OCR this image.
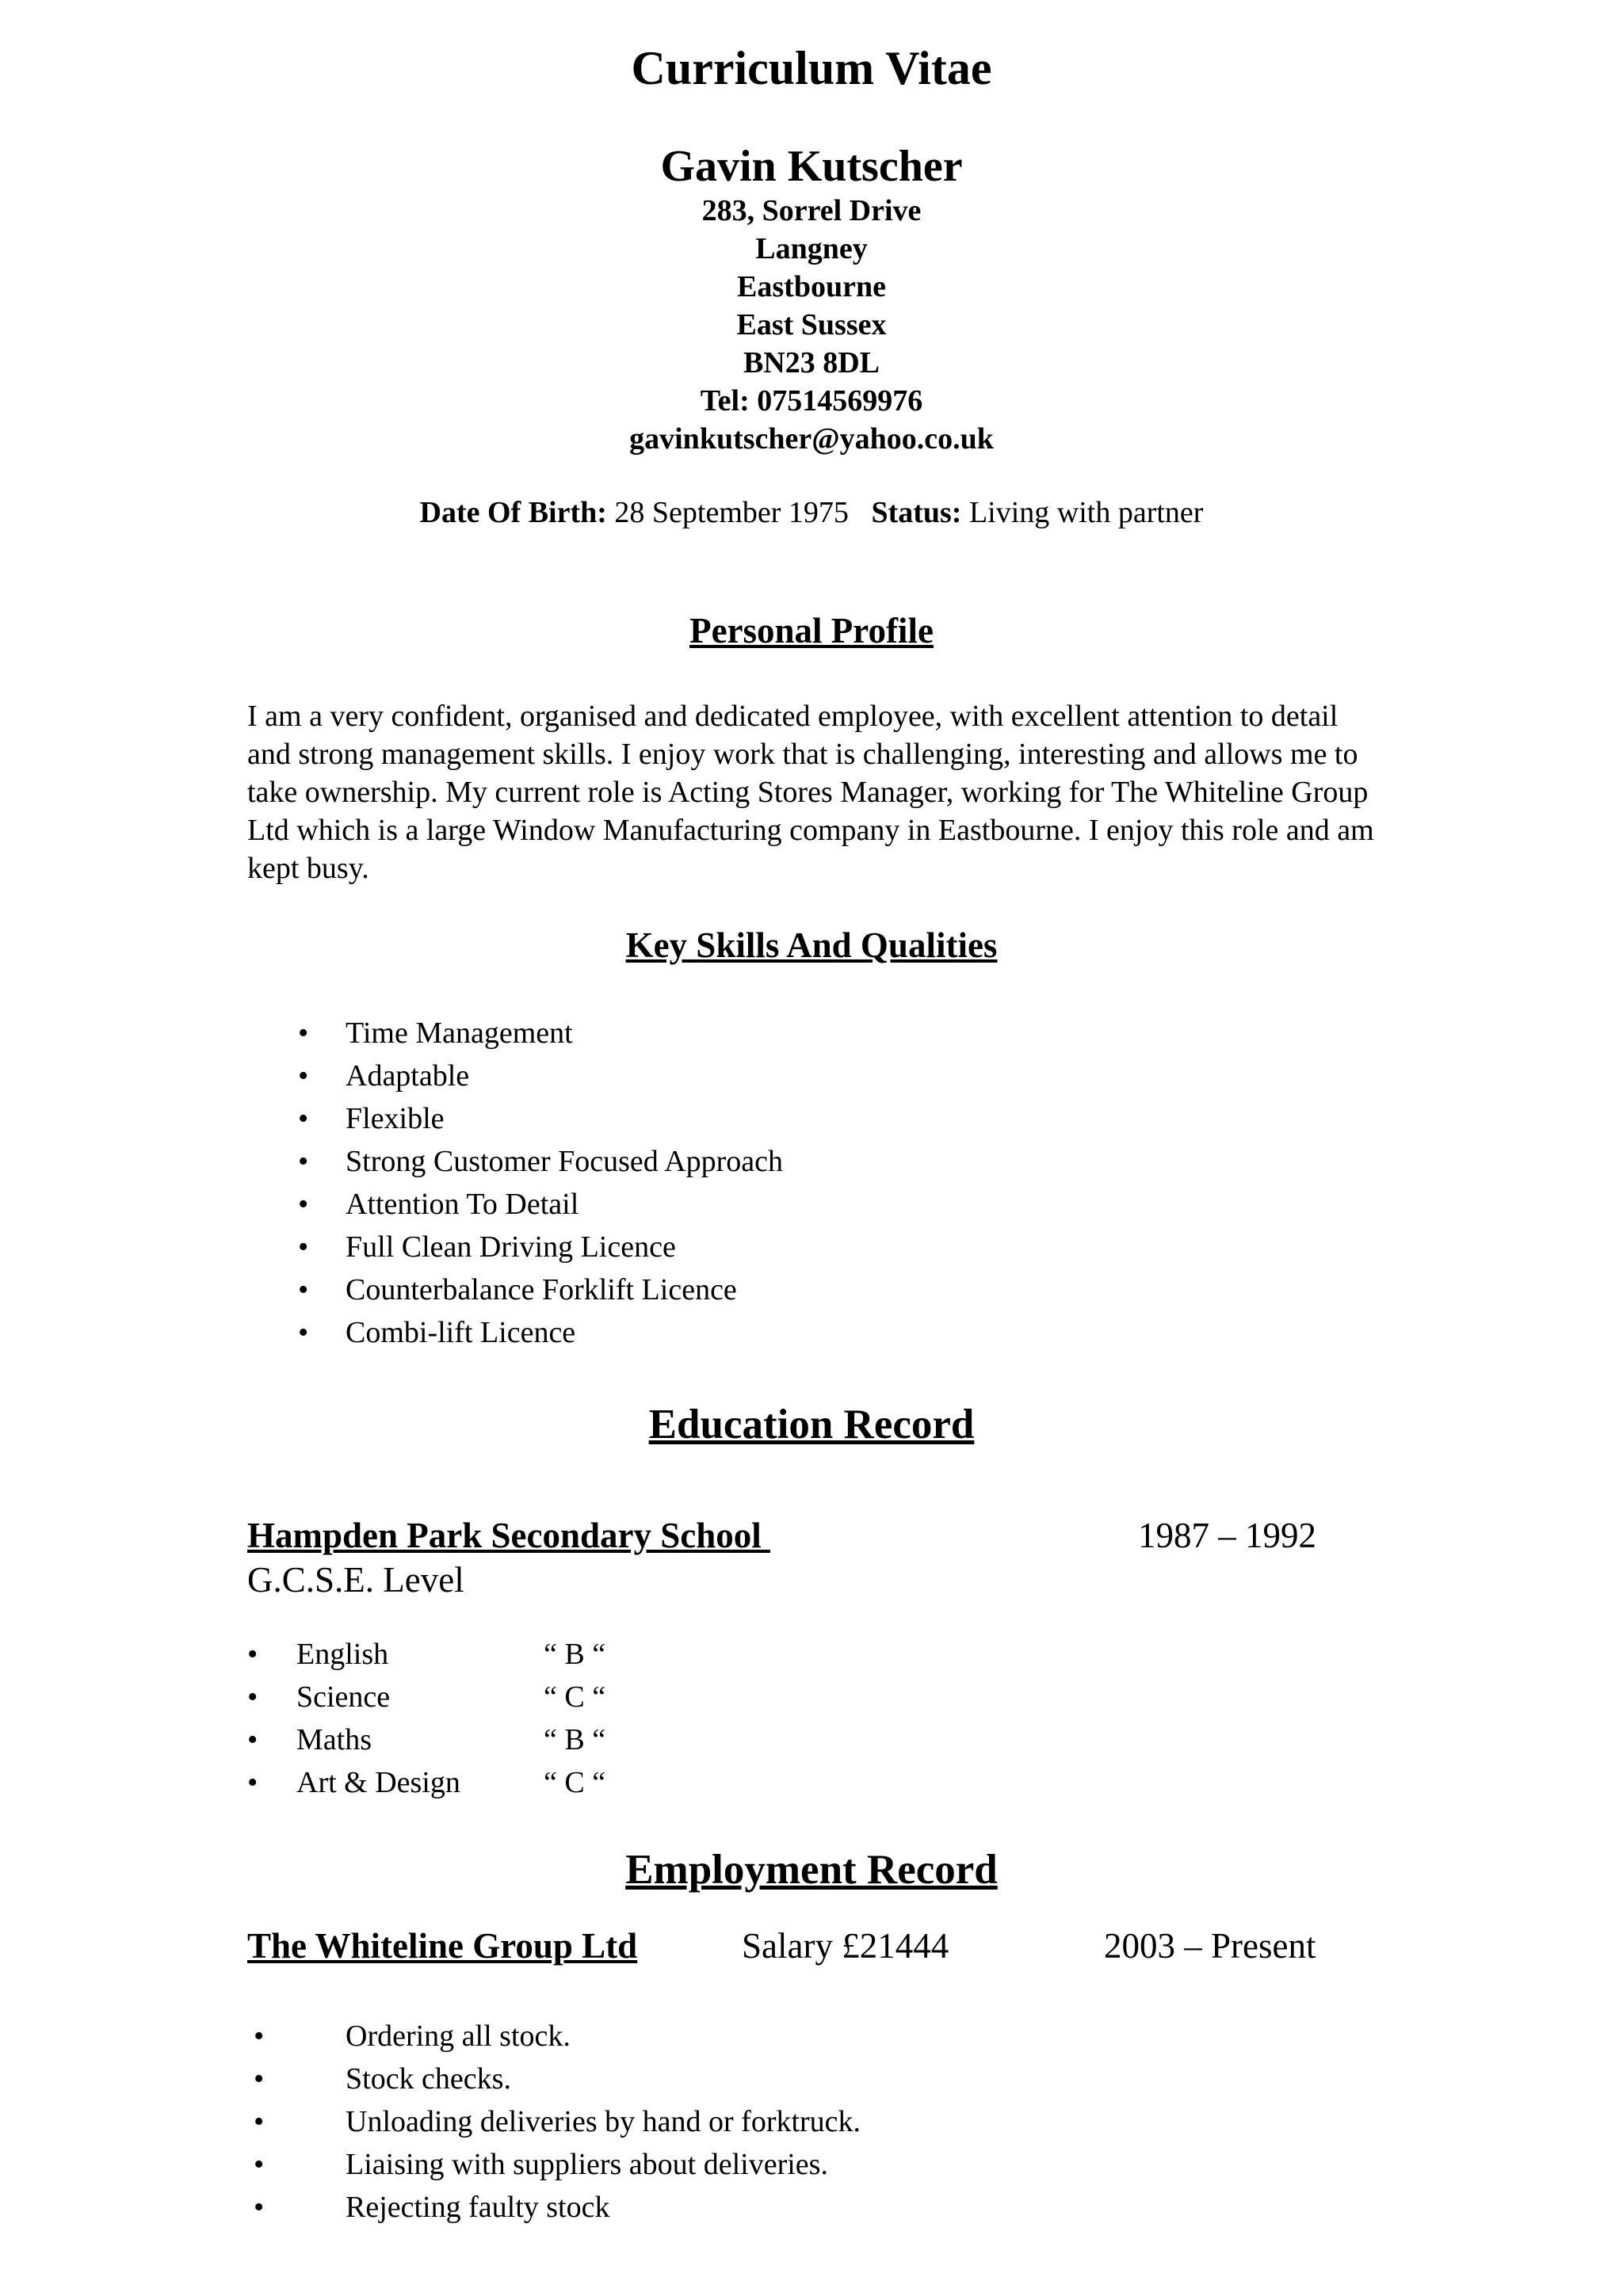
Curriculum Vitae
Gavin Kutscher
283, Sorrel Drive
Langney
Eastbourne
East Sussex
BN23 8DL
Tel: 07514569976
gavinkutscher@yahoo.co.uk
Date Of Birth: 28 September 1975 Status: Living with partner
Personal Profile
I am a very confident, organised and dedicated employee, with excellent attention to detail and strong management skills. I enjoy work that is challenging, interesting and allows me to take ownership. My current role is Acting Stores Manager, working for The Whiteline Group Ltd which is a large Window Manufacturing company in Eastbourne. I enjoy this role and am kept busy.
Key Skills And Qualities
•	Time Management
•	Adaptable
•	Flexible
•	Strong Customer Focused Approach
•	Attention To Detail
•	Full Clean Driving Licence
•	Counterbalance Forklift Licence
•	Combi-lift Licence
Education Record
Hampden Park Secondary School	1987 – 1992
G.C.S.E. Level
• English	“ B “
• Science	“ C “
• Maths	“ B “
• Art & Design	“ C “
Employment Record
The Whiteline Group Ltd	Salary £21444	2003 – Present
•	Ordering all stock.
•	Stock checks.
•	Unloading deliveries by hand or forktruck.
•	Liaising with suppliers about deliveries.
•	Rejecting faulty stock
